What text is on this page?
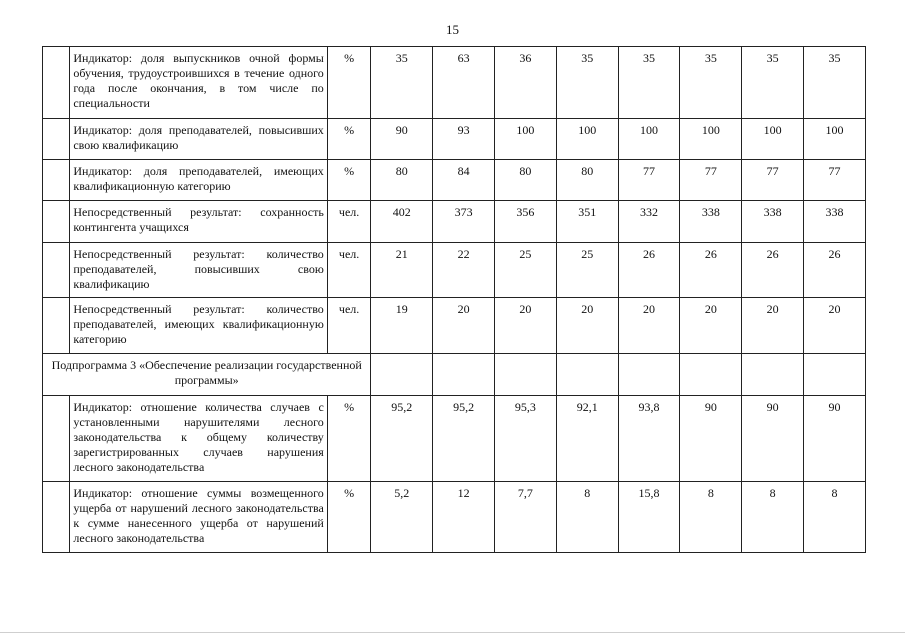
15
	Индикатор: доля выпускников очной формы обучения, трудоустроившихся в течение одного года после окончания, в том числе по специальности	%	35	63	36	35	35	35	35	35
	Индикатор: доля преподавателей, повысивших свою квалификацию	%	90	93	100	100	100	100	100	100
	Индикатор: доля преподавателей, имеющих квалификационную категорию	%	80	84	80	80	77	77	77	77
	Непосредственный результат: сохранность контингента учащихся	чел.	402	373	356	351	332	338	338	338
	Непосредственный результат: количество преподавателей, повысивших свою квалификацию	чел.	21	22	25	25	26	26	26	26
	Непосредственный результат: количество преподавателей, имеющих квалификационную категорию	чел.	19	20	20	20	20	20	20	20
Подпрограмма 3 «Обеспечение реализации государственной программы»										
	Индикатор: отношение количества случаев с установленными нарушителями лесного законодательства к общему количеству зарегистрированных случаев нарушения лесного законодательства	%	95,2	95,2	95,3	92,1	93,8	90	90	90
	Индикатор: отношение суммы возмещенного ущерба от нарушений лесного законодательства к сумме нанесенного ущерба от нарушений лесного законодательства	%	5,2	12	7,7	8	15,8	8	8	8
